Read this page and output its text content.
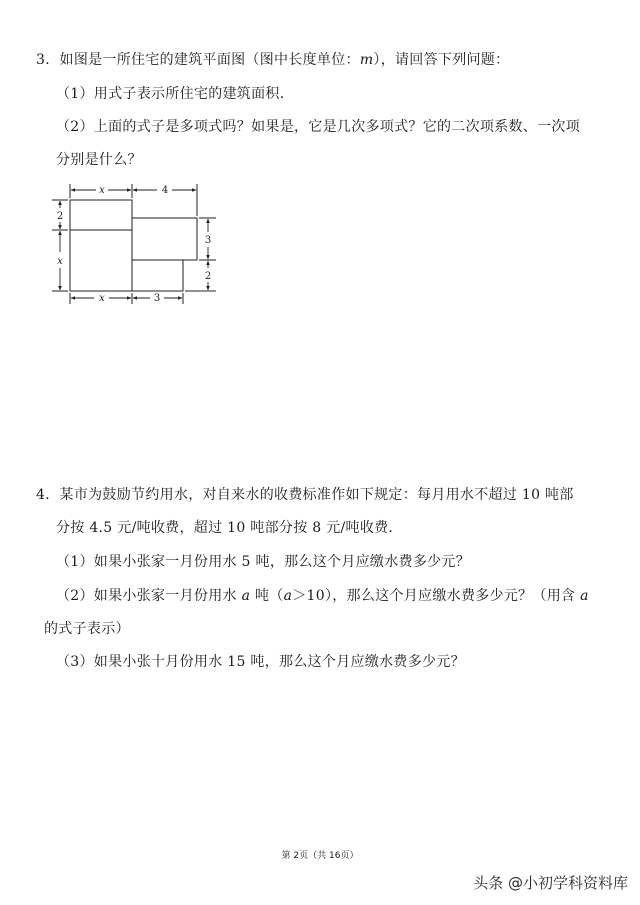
3．如图是一所住宅的建筑平面图（图中长度单位：m），请回答下列问题：
（1）用式子表示所住宅的建筑面积．
（2）上面的式子是多项式吗？如果是，它是几次多项式？它的二次项系数、一次项
分别是什么？
x	4
2
x
3
2
x	3
4．某市为鼓励节约用水，对自来水的收费标准作如下规定：每月用水不超过 10 吨部
分按 4.5 元/吨收费，超过 10 吨部分按 8 元/吨收费．
（1）如果小张家一月份用水 5 吨，那么这个月应缴水费多少元？
（2）如果小张家一月份用水 a 吨（a＞10），那么这个月应缴水费多少元？（用含 a
的式子表示）
（3）如果小张十月份用水 15 吨，那么这个月应缴水费多少元？
第 2页（共 16页）
头条 @小初学科资料库
